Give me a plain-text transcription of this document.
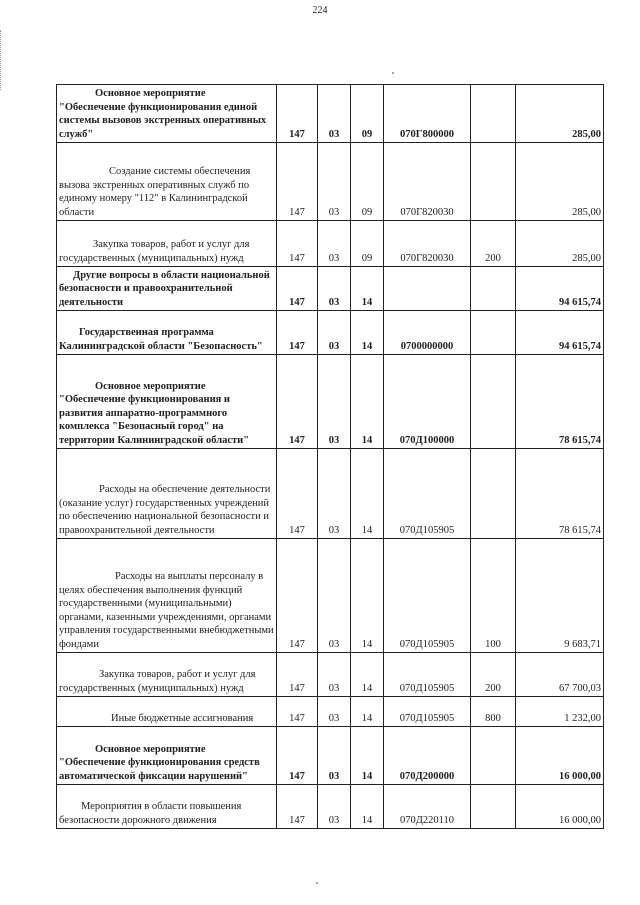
224
Основное мероприятие "Обеспечение функционирования единой системы вызовов экстренных оперативных служб"	147	03	09	070Г800000		285,00
Создание системы обеспечения вызова экстренных оперативных служб по единому номеру "112" в Калининградской области	147	03	09	070Г820030		285,00
Закупка товаров, работ и услуг для государственных (муниципальных) нужд	147	03	09	070Г820030	200	285,00
Другие вопросы в области национальной безопасности и правоохранительной деятельности	147	03	14			94 615,74
Государственная программа Калининградской области "Безопасность"	147	03	14	0700000000		94 615,74
Основное мероприятие "Обеспечение функционирования и развития аппаратно-программного комплекса "Безопасный город" на территории Калининградской области"	147	03	14	070Д100000		78 615,74
Расходы на обеспечение деятельности (оказание услуг) государственных учреждений по обеспечению национальной безопасности и правоохранительной деятельности	147	03	14	070Д105905		78 615,74
Расходы на выплаты персоналу в целях обеспечения выполнения функций государственными (муниципальными) органами, казенными учреждениями, органами управления государственными внебюджетными фондами	147	03	14	070Д105905	100	9 683,71
Закупка товаров, работ и услуг для государственных (муниципальных) нужд	147	03	14	070Д105905	200	67 700,03
Иные бюджетные ассигнования	147	03	14	070Д105905	800	1 232,00
Основное мероприятие "Обеспечение функционирования средств автоматической фиксации нарушений"	147	03	14	070Д200000		16 000,00
Мероприятия в области повышения безопасности дорожного движения	147	03	14	070Д220110		16 000,00
